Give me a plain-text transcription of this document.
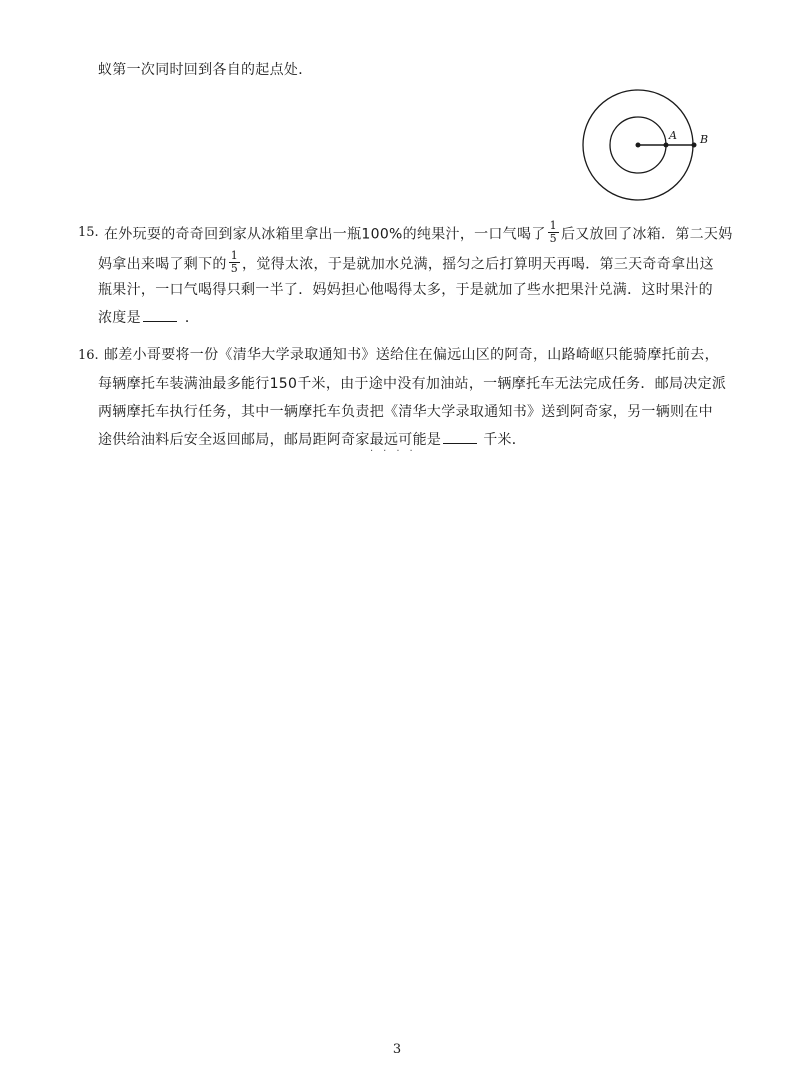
蚁第一次同时回到各自的起点处．
A B
15. 在外玩耍的奇奇回到家从冰箱里拿出一瓶100%的纯果汁，一口气喝了 $\frac{1}{5}$ 后又放回了冰箱．第二天妈
妈拿出来喝了剩下的 $\frac{1}{5}$ ，觉得太浓，于是就加水兑满，摇匀之后打算明天再喝．第三天奇奇拿出这
瓶果汁，一口气喝得只剩一半了．妈妈担心他喝得太多，于是就加了些水把果汁兑满．这时果汁的
浓度是	．
16. 邮差小哥要将一份《清华大学录取通知书》送给住在偏远山区的阿奇，山路崎岖只能骑摩托前去，
每辆摩托车装满油最多能行150千米，由于途中没有加油站，一辆摩托车无法完成任务．邮局决定派
两辆摩托车执行任务，其中一辆摩托车负责把《清华大学录取通知书》送到阿奇家，另一辆则在中
途供给油料后安全返回邮局，邮局距阿奇家最远可能是	千米．
····
3
